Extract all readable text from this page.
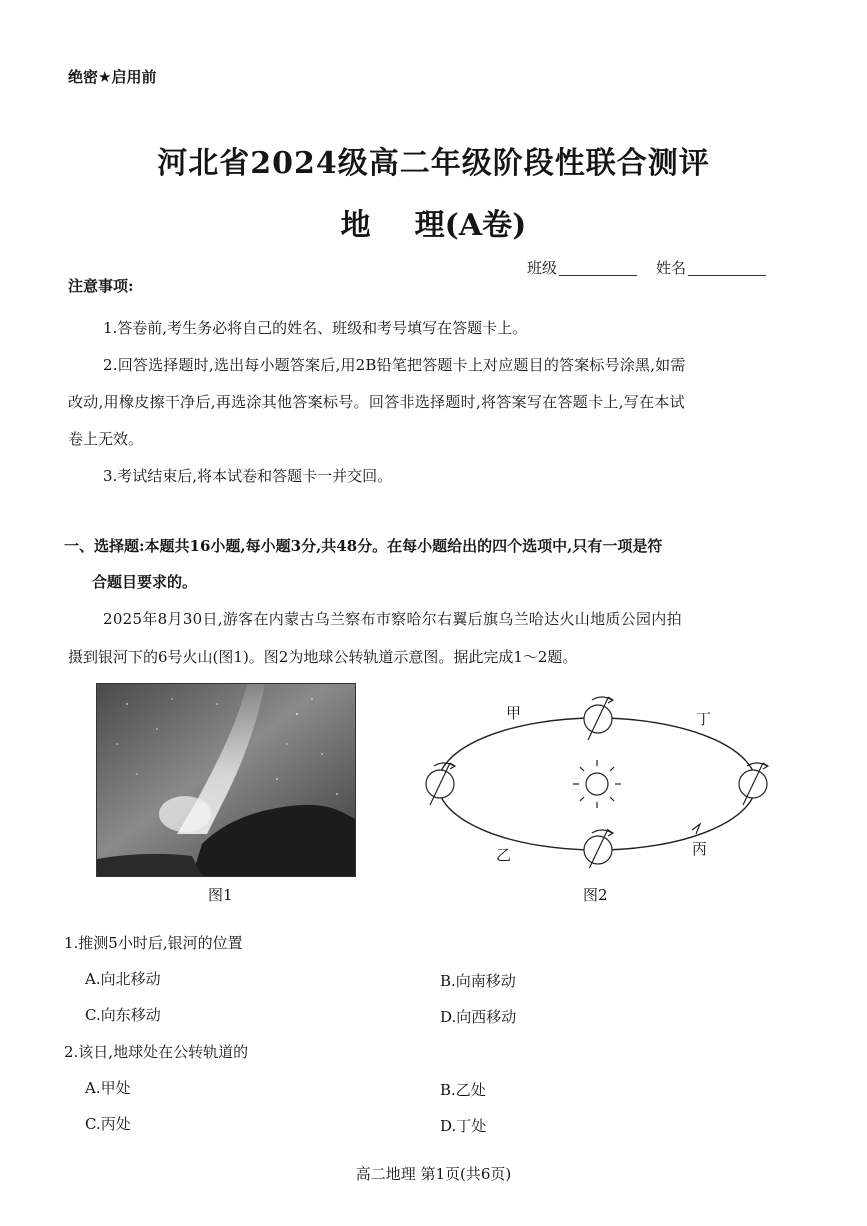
绝密★启用前
河北省2024级高二年级阶段性联合测评
地 理(A卷)
班级	姓名
注意事项:
1.答卷前,考生务必将自己的姓名、班级和考号填写在答题卡上。
2.回答选择题时,选出每小题答案后,用2B铅笔把答题卡上对应题目的答案标号涂黑,如需
改动,用橡皮擦干净后,再选涂其他答案标号。回答非选择题时,将答案写在答题卡上,写在本试
卷上无效。
3.考试结束后,将本试卷和答题卡一并交回。
一、选择题:本题共16小题,每小题3分,共48分。在每小题给出的四个选项中,只有一项是符
合题目要求的。
2025年8月30日,游客在内蒙古乌兰察布市察哈尔右翼后旗乌兰哈达火山地质公园内拍
摄到银河下的6号火山(图1)。图2为地球公转轨道示意图。据此完成1～2题。
图1
甲	丁
乙	丙
图2
1.推测5小时后,银河的位置
A.向北移动	B.向南移动
C.向东移动	D.向西移动
2.该日,地球处在公转轨道的
A.甲处	B.乙处
C.丙处	D.丁处
高二地理 第1页(共6页)
